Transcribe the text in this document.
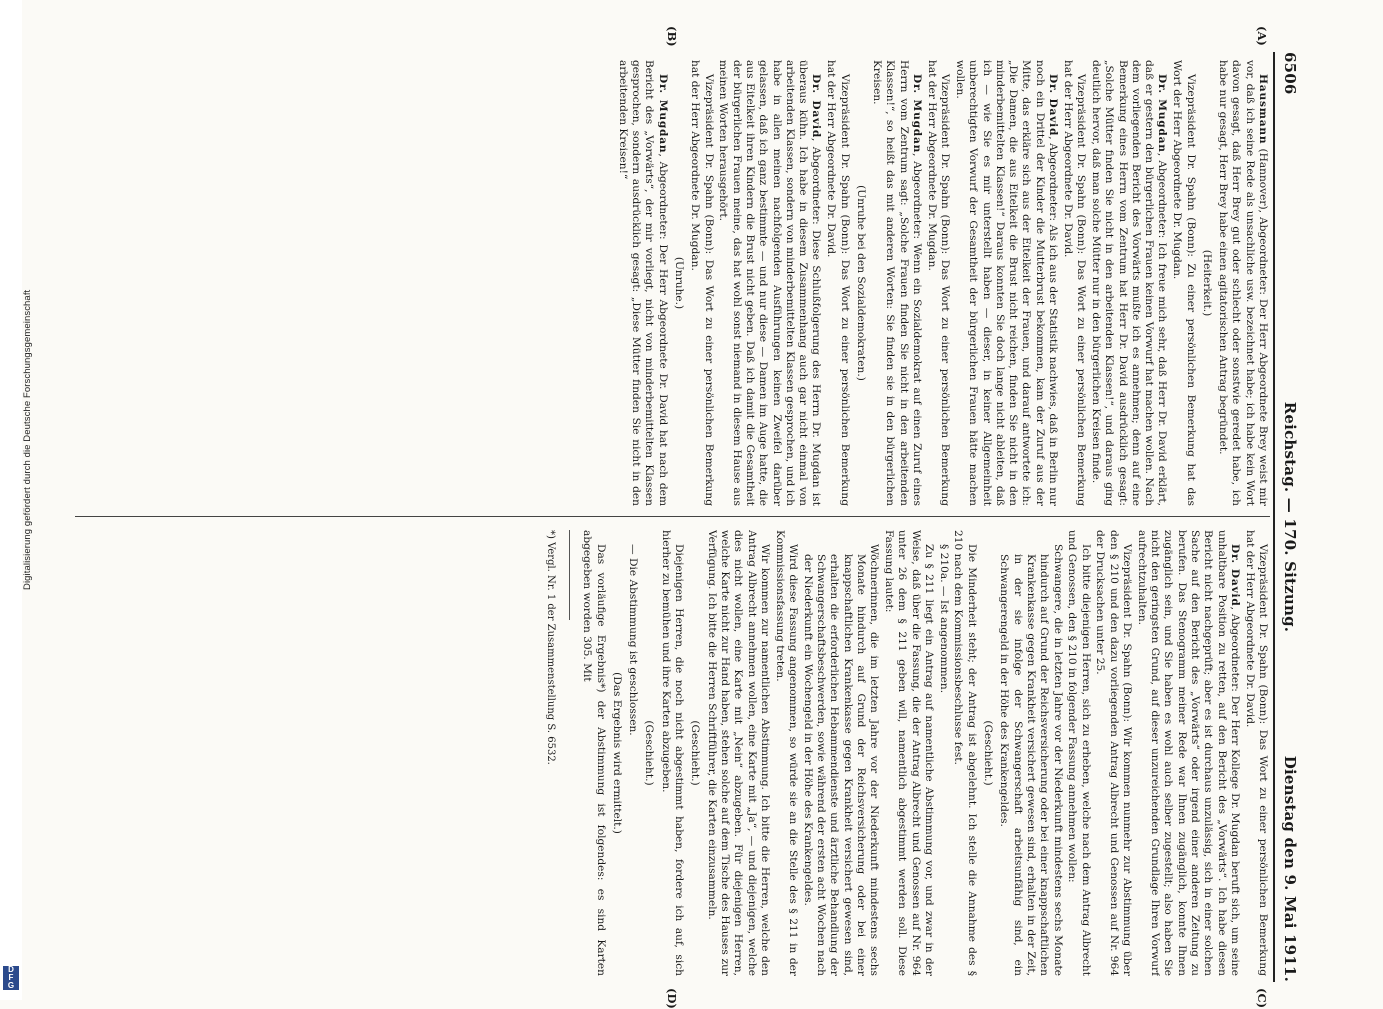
Digitalisierung gefördert durch die Deutsche Forschungsgemeinschaft
D
F
G
6506
Reichstag. — 170. Sitzung.
Dienstag den 9. Mai 1911.
(A)
(B)
(C)
(D)

Hausmann (Hannover), Abgeordneter: Der Herr Abgeordnete Brey weist mir vor, daß ich seine Rede als unsachliche usw. bezeichnet habe; ich habe kein Wort davon gesagt, daß Herr Brey gut oder schlecht oder sonstwie geredet habe, ich habe nur gesagt, Herr Brey habe einen agitatorischen Antrag begründet.

(Heiterkeit.)

Vizepräsident Dr. Spahn (Bonn): Zu einer persönlichen Bemerkung hat das Wort der Herr Abgeordnete Dr. Mugdan.

Dr. Mugdan, Abgeordneter: Ich freue mich sehr, daß Herr Dr. David erklärt, daß er gestern den bürgerlichen Frauen keinen Vorwurf hat machen wollen. Nach dem vorliegenden Bericht des Vorwärts mußte ich es annehmen; denn auf eine Bemerkung eines Herrn vom Zentrum hat Herr Dr. David ausdrücklich gesagt: „Solche Mütter finden Sie nicht in den arbeitenden Klassen!“, und daraus ging deutlich hervor, daß man solche Mütter nur in den bürgerlichen Kreisen finde.

Vizepräsident Dr. Spahn (Bonn): Das Wort zu einer persönlichen Bemerkung hat der Herr Abgeordnete Dr. David.

Dr. David, Abgeordneter: Als ich aus der Statistik nachwies, daß in Berlin nur noch ein Drittel der Kinder die Mutterbrust bekommen, kam der Zuruf aus der Mitte, das erkläre sich aus der Eitelkeit der Frauen, und darauf antwortete ich: „Die Damen, die aus Eitelkeit die Brust nicht reichen, finden Sie nicht in den minderbemittelten Klassen!“ Daraus konnten Sie doch lange nicht ableiten, daß ich — wie Sie es mir unterstellt haben — dieser, in keiner Allgemeinheit unberechtigten Vorwurf der Gesamtheit der bürgerlichen Frauen hätte machen wollen.

Vizepräsident Dr. Spahn (Bonn): Das Wort zu einer persönlichen Bemerkung hat der Herr Abgeordnete Dr. Mugdan.

Dr. Mugdan, Abgeordneter: Wenn ein Sozialdemokrat auf einen Zuruf eines Herrn vom Zentrum sagt: „Solche Frauen finden Sie nicht in den arbeitenden Klassen!“, so heißt das mit anderen Worten: Sie finden sie in den bürgerlichen Kreisen.

(Unruhe bei den Sozialdemokraten.)

Vizepräsident Dr. Spahn (Bonn): Das Wort zu einer persönlichen Bemerkung hat der Herr Abgeordnete Dr. David.

Dr. David, Abgeordneter: Diese Schlußfolgerung des Herrn Dr. Mugdan ist überaus kühn. Ich habe in diesem Zusammenhang auch gar nicht einmal von arbeitenden Klassen, sondern von minderbemittelten Klassen gesprochen, und ich habe in allen meinen nachfolgenden Ausführungen keinen Zweifel darüber gelassen, daß ich ganz bestimmte — und nur diese — Damen im Auge hatte, die aus Eitelkeit ihren Kindern die Brust nicht geben. Daß ich damit die Gesamtheit der bürgerlichen Frauen meine, das hat wohl sonst niemand in diesem Hause aus meinen Worten herausgehört.

Vizepräsident Dr. Spahn (Bonn): Das Wort zu einer persönlichen Bemerkung hat der Herr Abgeordnete Dr. Mugdan.

(Unruhe.)

Dr. Mugdan, Abgeordneter: Der Herr Abgeordnete Dr. David hat nach dem Bericht des „Vorwärts“, der mir vorliegt, nicht von minderbemittelten Klassen gesprochen, sondern ausdrücklich gesagt: „Diese Mütter finden Sie nicht in den arbeitenden Kreisen!“

Vizepräsident Dr. Spahn (Bonn): Das Wort zu einer persönlichen Bemerkung hat der Herr Abgeordnete Dr. David.

Dr. David, Abgeordneter: Der Herr Kollege Dr. Mugdan beruft sich, um seine unhaltbare Position zu retten, auf den Bericht des „Vorwärts“. Ich habe diesen Bericht nicht nachgeprüft; aber es ist durchaus unzulässig, sich in einer solchen Sache auf den Bericht des „Vorwärts“ oder irgend einer anderen Zeitung zu berufen. Das Stenogramm meiner Rede war Ihnen zugänglich, konnte Ihnen zugänglich sein, und Sie haben es wohl auch selber zugestellt; also haben Sie nicht den geringsten Grund, auf dieser unzureichenden Grundlage Ihren Vorwurf aufrechtzuhalten.

Vizepräsident Dr. Spahn (Bonn): Wir kommen nunmehr zur Abstimmung über den § 210 und den dazu vorliegenden Antrag Albrecht und Genossen auf Nr. 964 der Drucksachen unter 25.

Ich bitte diejenigen Herren, sich zu erheben, welche nach dem Antrag Albrecht und Genossen, den § 210 in folgender Fassung annehmen wollen:

Schwangere, die in letzten Jahre vor der Niederkunft mindestens sechs Monate hindurch auf Grund der Reichsversicherung oder bei einer knappschaftlichen Krankenkasse gegen Krankheit versichert gewesen sind, erhalten in der Zeit, in der sie infolge der Schwangerschaft arbeitsunfähig sind, ein Schwangerengeld in der Höhe des Krankengeldes.

(Geschieht.)

Die Minderheit steht; der Antrag ist abgelehnt. Ich stelle die Annahme des § 210 nach dem Kommissionsbeschlusse fest.

§ 210a. — Ist angenommen.

Zu § 211 liegt ein Antrag auf namentliche Abstimmung vor, und zwar in der Weise, daß über die Fassung, die der Antrag Albrecht und Genossen auf Nr. 964 unter 26 dem § 211 geben will, namentlich abgestimmt werden soll. Diese Fassung lautet:

Wöchnerinnen, die im letzten Jahre vor der Niederkunft mindestens sechs Monate hindurch auf Grund der Reichsversicherung oder bei einer knappschaftlichen Krankenkasse gegen Krankheit versichert gewesen sind, erhalten die erforderlichen Hebammendienste und ärztliche Behandlung der Schwangerschaftsbeschwerden, sowie während der ersten acht Wochen nach der Niederkunft ein Wochengeld in der Höhe des Krankengeldes.

Wird diese Fassung angenommen, so würde sie an die Stelle des § 211 in der Kommissionsfassung treten.

Wir kommen zur namentlichen Abstimmung. Ich bitte die Herren, welche den Antrag Albrecht annehmen wollen, eine Karte mit „Ja“, — und diejenigen, welche dies nicht wollen, eine Karte mit „Nein“ abzugeben. Für diejenigen Herren, welche Karte nicht zur Hand haben, stehen solche auf dem Tische des Hauses zur Verfügung. Ich bitte die Herren Schriftführer, die Karten einzusammeln.

(Geschieht.)

Diejenigen Herren, die noch nicht abgestimmt haben, fordere ich auf, sich hierher zu bemühen und ihre Karten abzugeben.

(Geschieht.)

— Die Abstimmung ist geschlossen.

(Das Ergebnis wird ermittelt.)

Das vorläufige Ergebnis*) der Abstimmung ist folgendes: es sind Karten abgegeben worden 305. Mit

*) Vergl. Nr. 1 der Zusammenstellung S. 6532.
